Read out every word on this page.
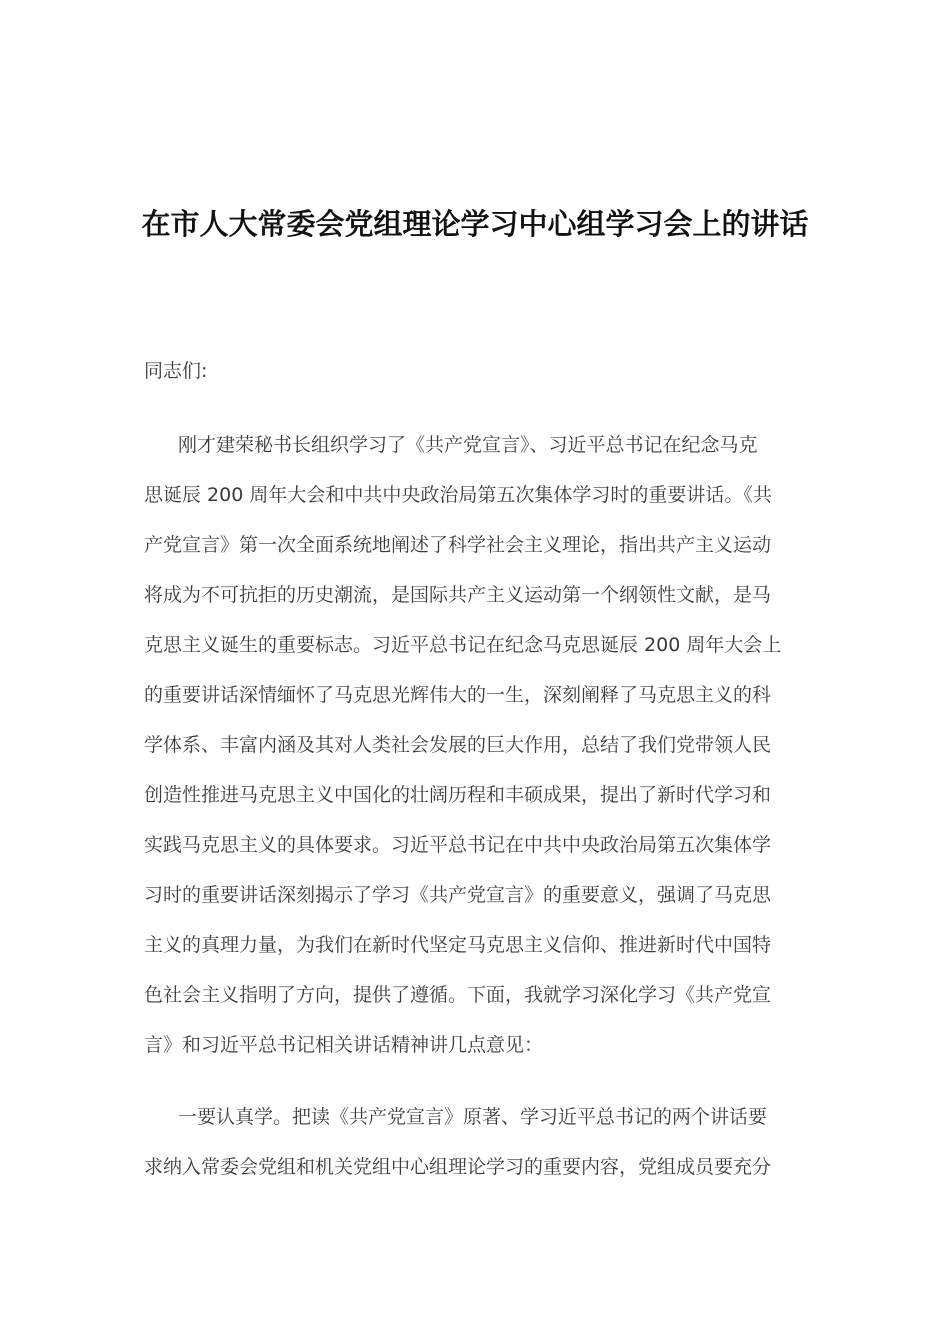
在市人大常委会党组理论学习中心组学习会上的讲话
同志们:
刚才建荣秘书长组织学习了《共产党宣言》、习近平总书记在纪念马克
思诞辰 200 周年大会和中共中央政治局第五次集体学习时的重要讲话。《共
产党宣言》第一次全面系统地阐述了科学社会主义理论，指出共产主义运动
将成为不可抗拒的历史潮流，是国际共产主义运动第一个纲领性文献，是马
克思主义诞生的重要标志。习近平总书记在纪念马克思诞辰 200 周年大会上
的重要讲话深情缅怀了马克思光辉伟大的一生，深刻阐释了马克思主义的科
学体系、丰富内涵及其对人类社会发展的巨大作用，总结了我们党带领人民
创造性推进马克思主义中国化的壮阔历程和丰硕成果，提出了新时代学习和
实践马克思主义的具体要求。习近平总书记在中共中央政治局第五次集体学
习时的重要讲话深刻揭示了学习《共产党宣言》的重要意义，强调了马克思
主义的真理力量，为我们在新时代坚定马克思主义信仰、推进新时代中国特
色社会主义指明了方向，提供了遵循。下面，我就学习深化学习《共产党宣
言》和习近平总书记相关讲话精神讲几点意见：
一要认真学。把读《共产党宣言》原著、学习近平总书记的两个讲话要
求纳入常委会党组和机关党组中心组理论学习的重要内容，党组成员要充分
